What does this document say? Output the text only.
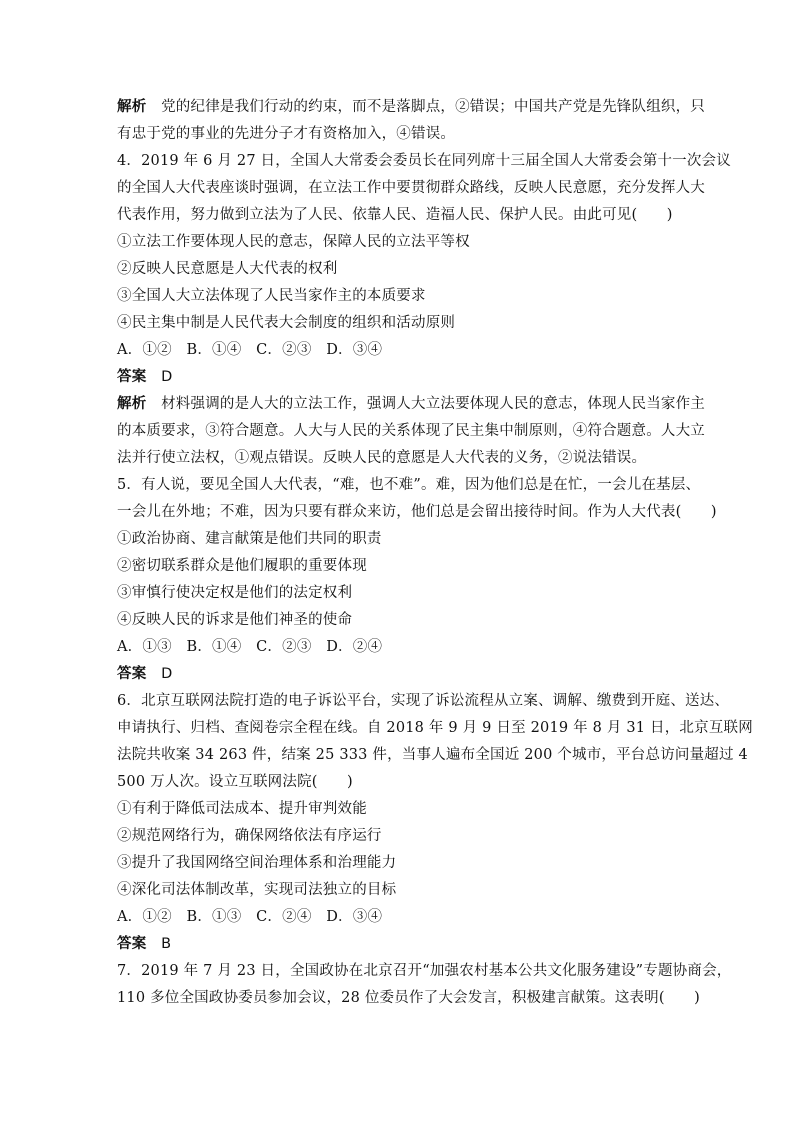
解析  党的纪律是我们行动的约束，而不是落脚点，②错误；中国共产党是先锋队组织，只
有忠于党的事业的先进分子才有资格加入，④错误。
4．2019 年 6 月 27 日，全国人大常委会委员长在同列席十三届全国人大常委会第十一次会议
的全国人大代表座谈时强调，在立法工作中要贯彻群众路线，反映人民意愿，充分发挥人大
代表作用，努力做到立法为了人民、依靠人民、造福人民、保护人民。由此可见(　　)
①立法工作要体现人民的意志，保障人民的立法平等权
②反映人民意愿是人大代表的权利
③全国人大立法体现了人民当家作主的本质要求
④民主集中制是人民代表大会制度的组织和活动原则
A．①②　B．①④　C．②③　D．③④
答案  D
解析  材料强调的是人大的立法工作，强调人大立法要体现人民的意志，体现人民当家作主
的本质要求，③符合题意。人大与人民的关系体现了民主集中制原则，④符合题意。人大立
法并行使立法权，①观点错误。反映人民的意愿是人大代表的义务，②说法错误。
5．有人说，要见全国人大代表，“难，也不难”。难，因为他们总是在忙，一会儿在基层、
一会儿在外地；不难，因为只要有群众来访，他们总是会留出接待时间。作为人大代表(　　)
①政治协商、建言献策是他们共同的职责
②密切联系群众是他们履职的重要体现
③审慎行使决定权是他们的法定权利
④反映人民的诉求是他们神圣的使命
A．①③　B．①④　C．②③　D．②④
答案  D
6．北京互联网法院打造的电子诉讼平台，实现了诉讼流程从立案、调解、缴费到开庭、送达、
申请执行、归档、查阅卷宗全程在线。自 2018 年 9 月 9 日至 2019 年 8 月 31 日，北京互联网
法院共收案 34 263 件，结案 25 333 件，当事人遍布全国近 200 个城市，平台总访问量超过 4
500 万人次。设立互联网法院(　　)
①有利于降低司法成本、提升审判效能
②规范网络行为，确保网络依法有序运行
③提升了我国网络空间治理体系和治理能力
④深化司法体制改革，实现司法独立的目标
A．①②　B．①③　C．②④　D．③④
答案  B
7．2019 年 7 月 23 日，全国政协在北京召开“加强农村基本公共文化服务建设”专题协商会，
110 多位全国政协委员参加会议，28 位委员作了大会发言，积极建言献策。这表明(　　)
